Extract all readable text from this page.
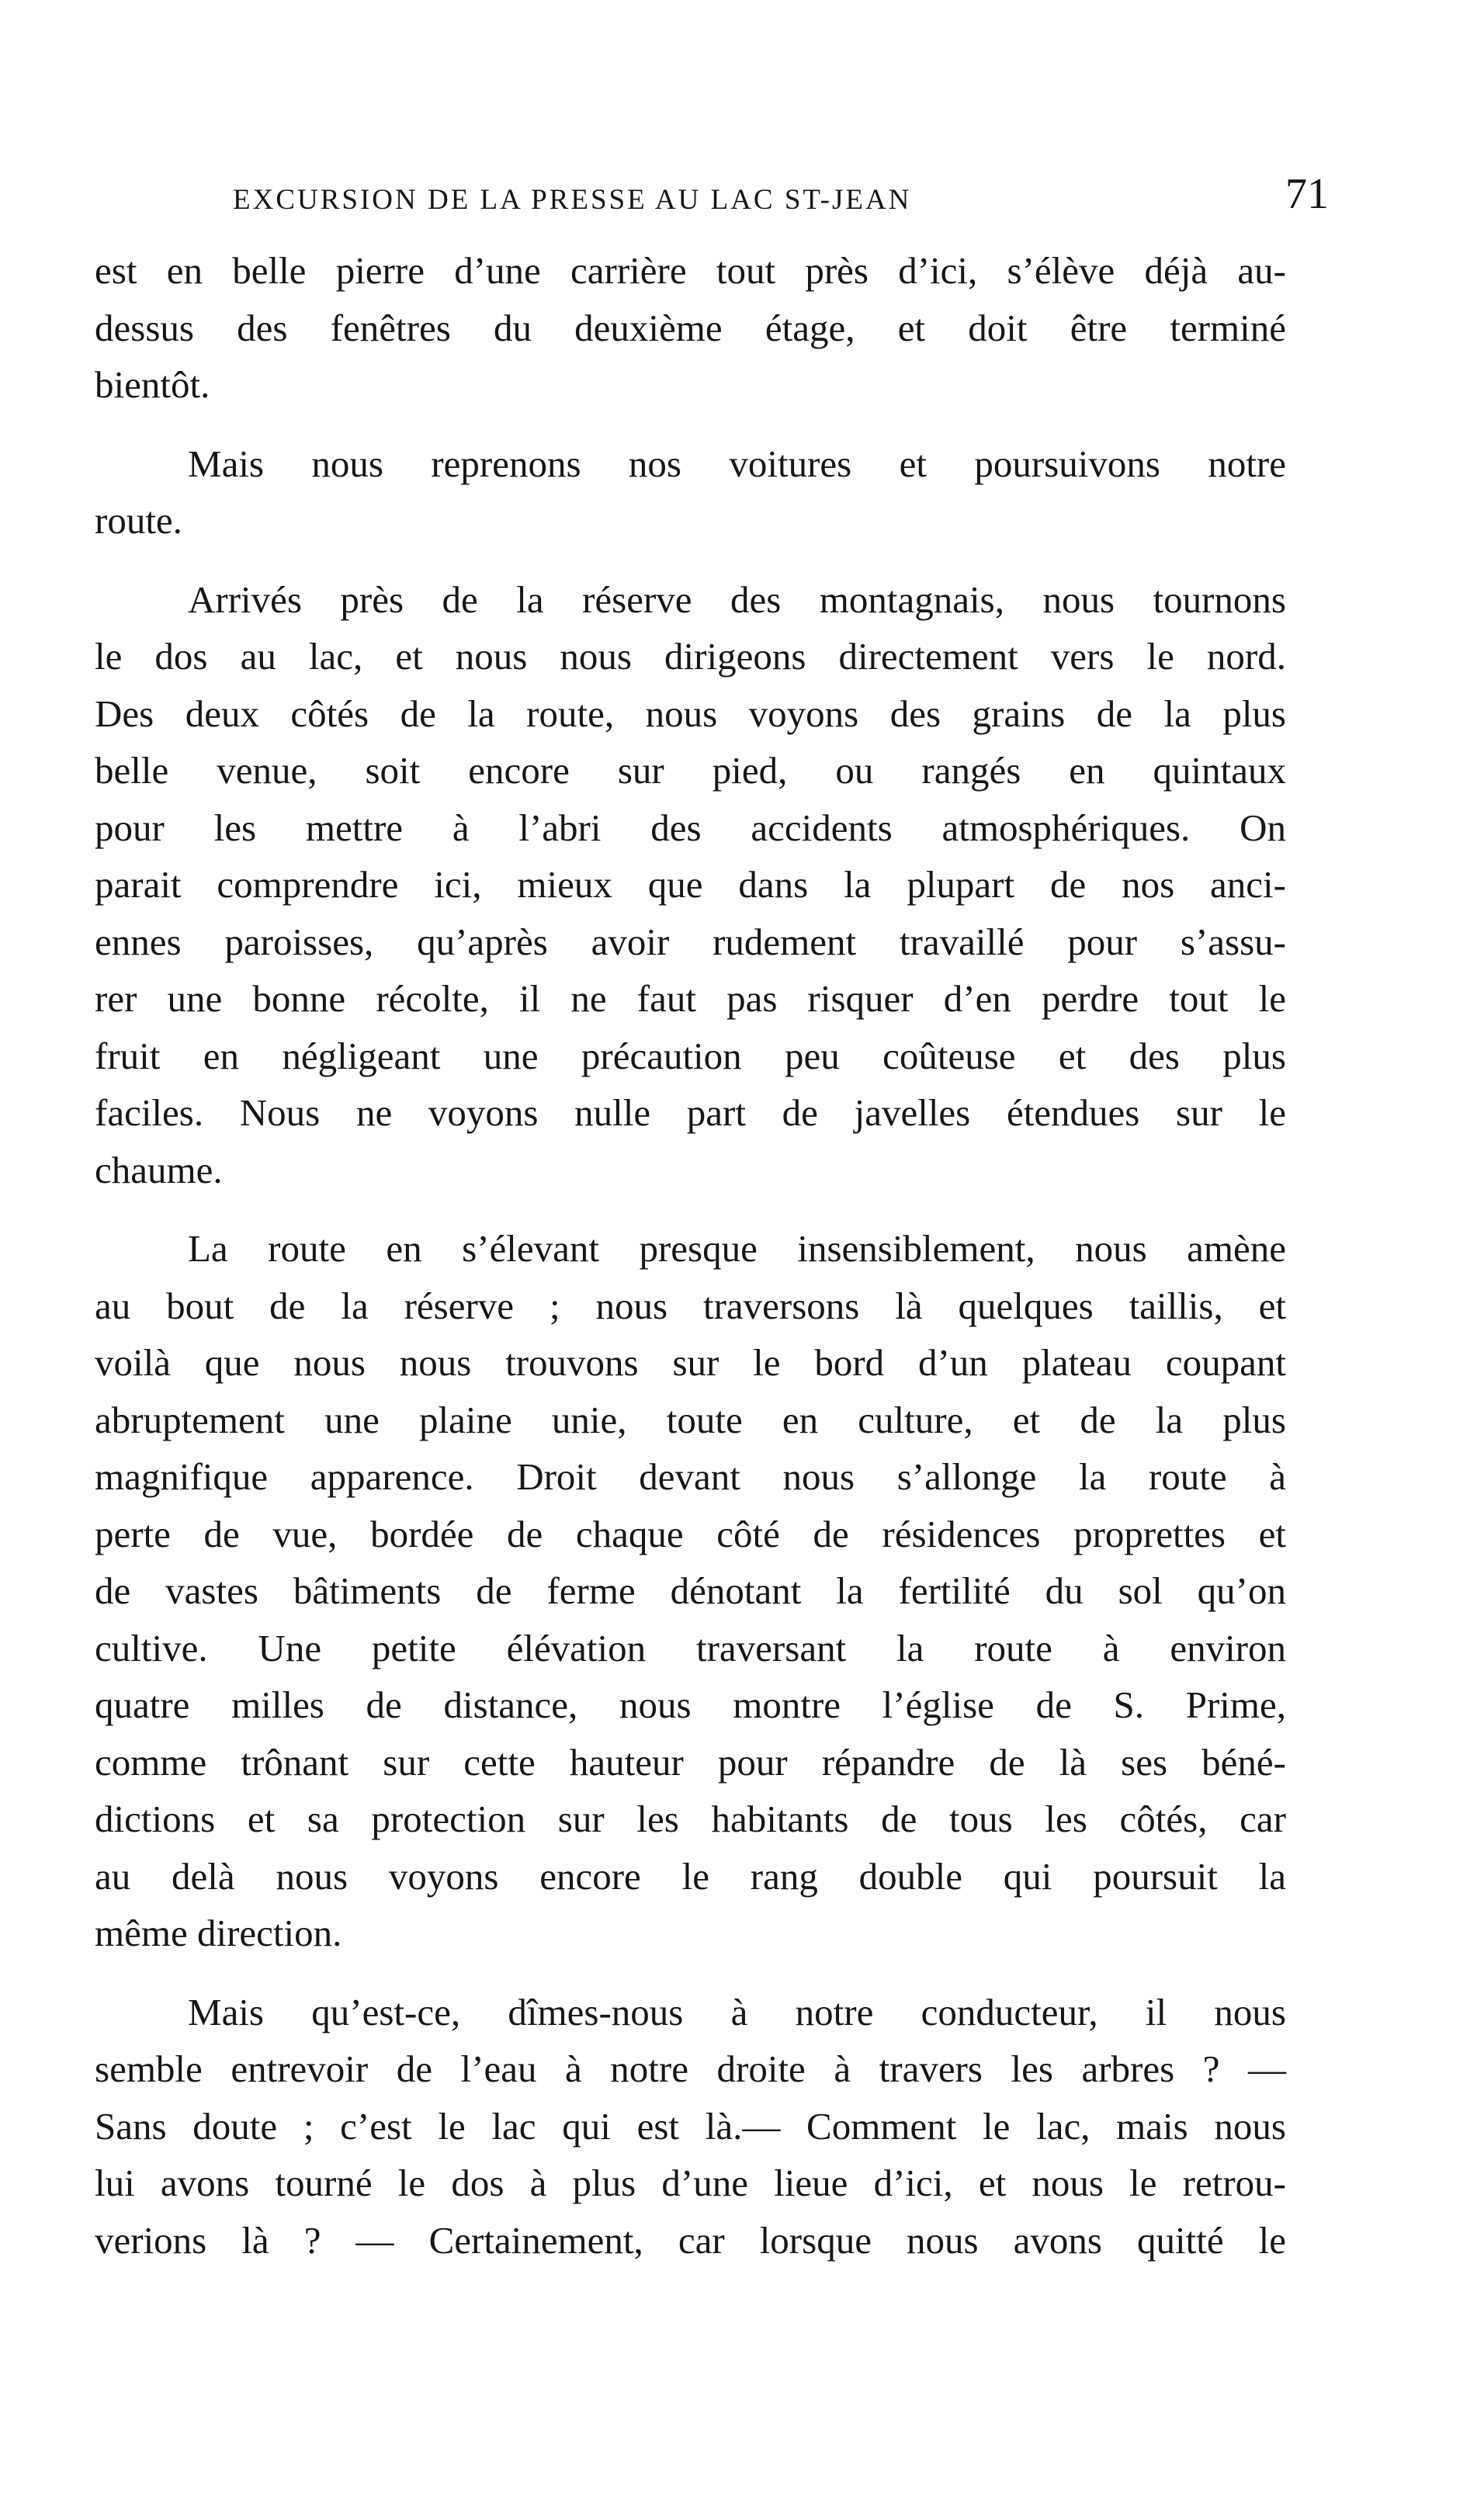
EXCURSION DE LA PRESSE AU LAC ST-JEAN	71

est en belle pierre d’une carrière tout près d’ici, s’élève déjà au-
dessus des fenêtres du deuxième étage, et doit être terminé
bientôt.

Mais nous reprenons nos voitures et poursuivons notre
route.

Arrivés près de la réserve des montagnais, nous tournons
le dos au lac, et nous nous dirigeons directement vers le nord.
Des deux côtés de la route, nous voyons des grains de la plus
belle venue, soit encore sur pied, ou rangés en quintaux
pour les mettre à l’abri des accidents atmosphériques. On
parait comprendre ici, mieux que dans la plupart de nos anci-
ennes paroisses, qu’après avoir rudement travaillé pour s’assu-
rer une bonne récolte, il ne faut pas risquer d’en perdre tout le
fruit en négligeant une précaution peu coûteuse et des plus
faciles. Nous ne voyons nulle part de javelles étendues sur le
chaume.

La route en s’élevant presque insensiblement, nous amène
au bout de la réserve ; nous traversons là quelques taillis, et
voilà que nous nous trouvons sur le bord d’un plateau coupant
abruptement une plaine unie, toute en culture, et de la plus
magnifique apparence. Droit devant nous s’allonge la route à
perte de vue, bordée de chaque côté de résidences proprettes et
de vastes bâtiments de ferme dénotant la fertilité du sol qu’on
cultive. Une petite élévation traversant la route à environ
quatre milles de distance, nous montre l’église de S. Prime,
comme trônant sur cette hauteur pour répandre de là ses béné-
dictions et sa protection sur les habitants de tous les côtés, car
au delà nous voyons encore le rang double qui poursuit la
même direction.

Mais qu’est-ce, dîmes-nous à notre conducteur, il nous
semble entrevoir de l’eau à notre droite à travers les arbres ? —
Sans doute ; c’est le lac qui est là.— Comment le lac, mais nous
lui avons tourné le dos à plus d’une lieue d’ici, et nous le retrou-
verions là ? — Certainement, car lorsque nous avons quitté le
